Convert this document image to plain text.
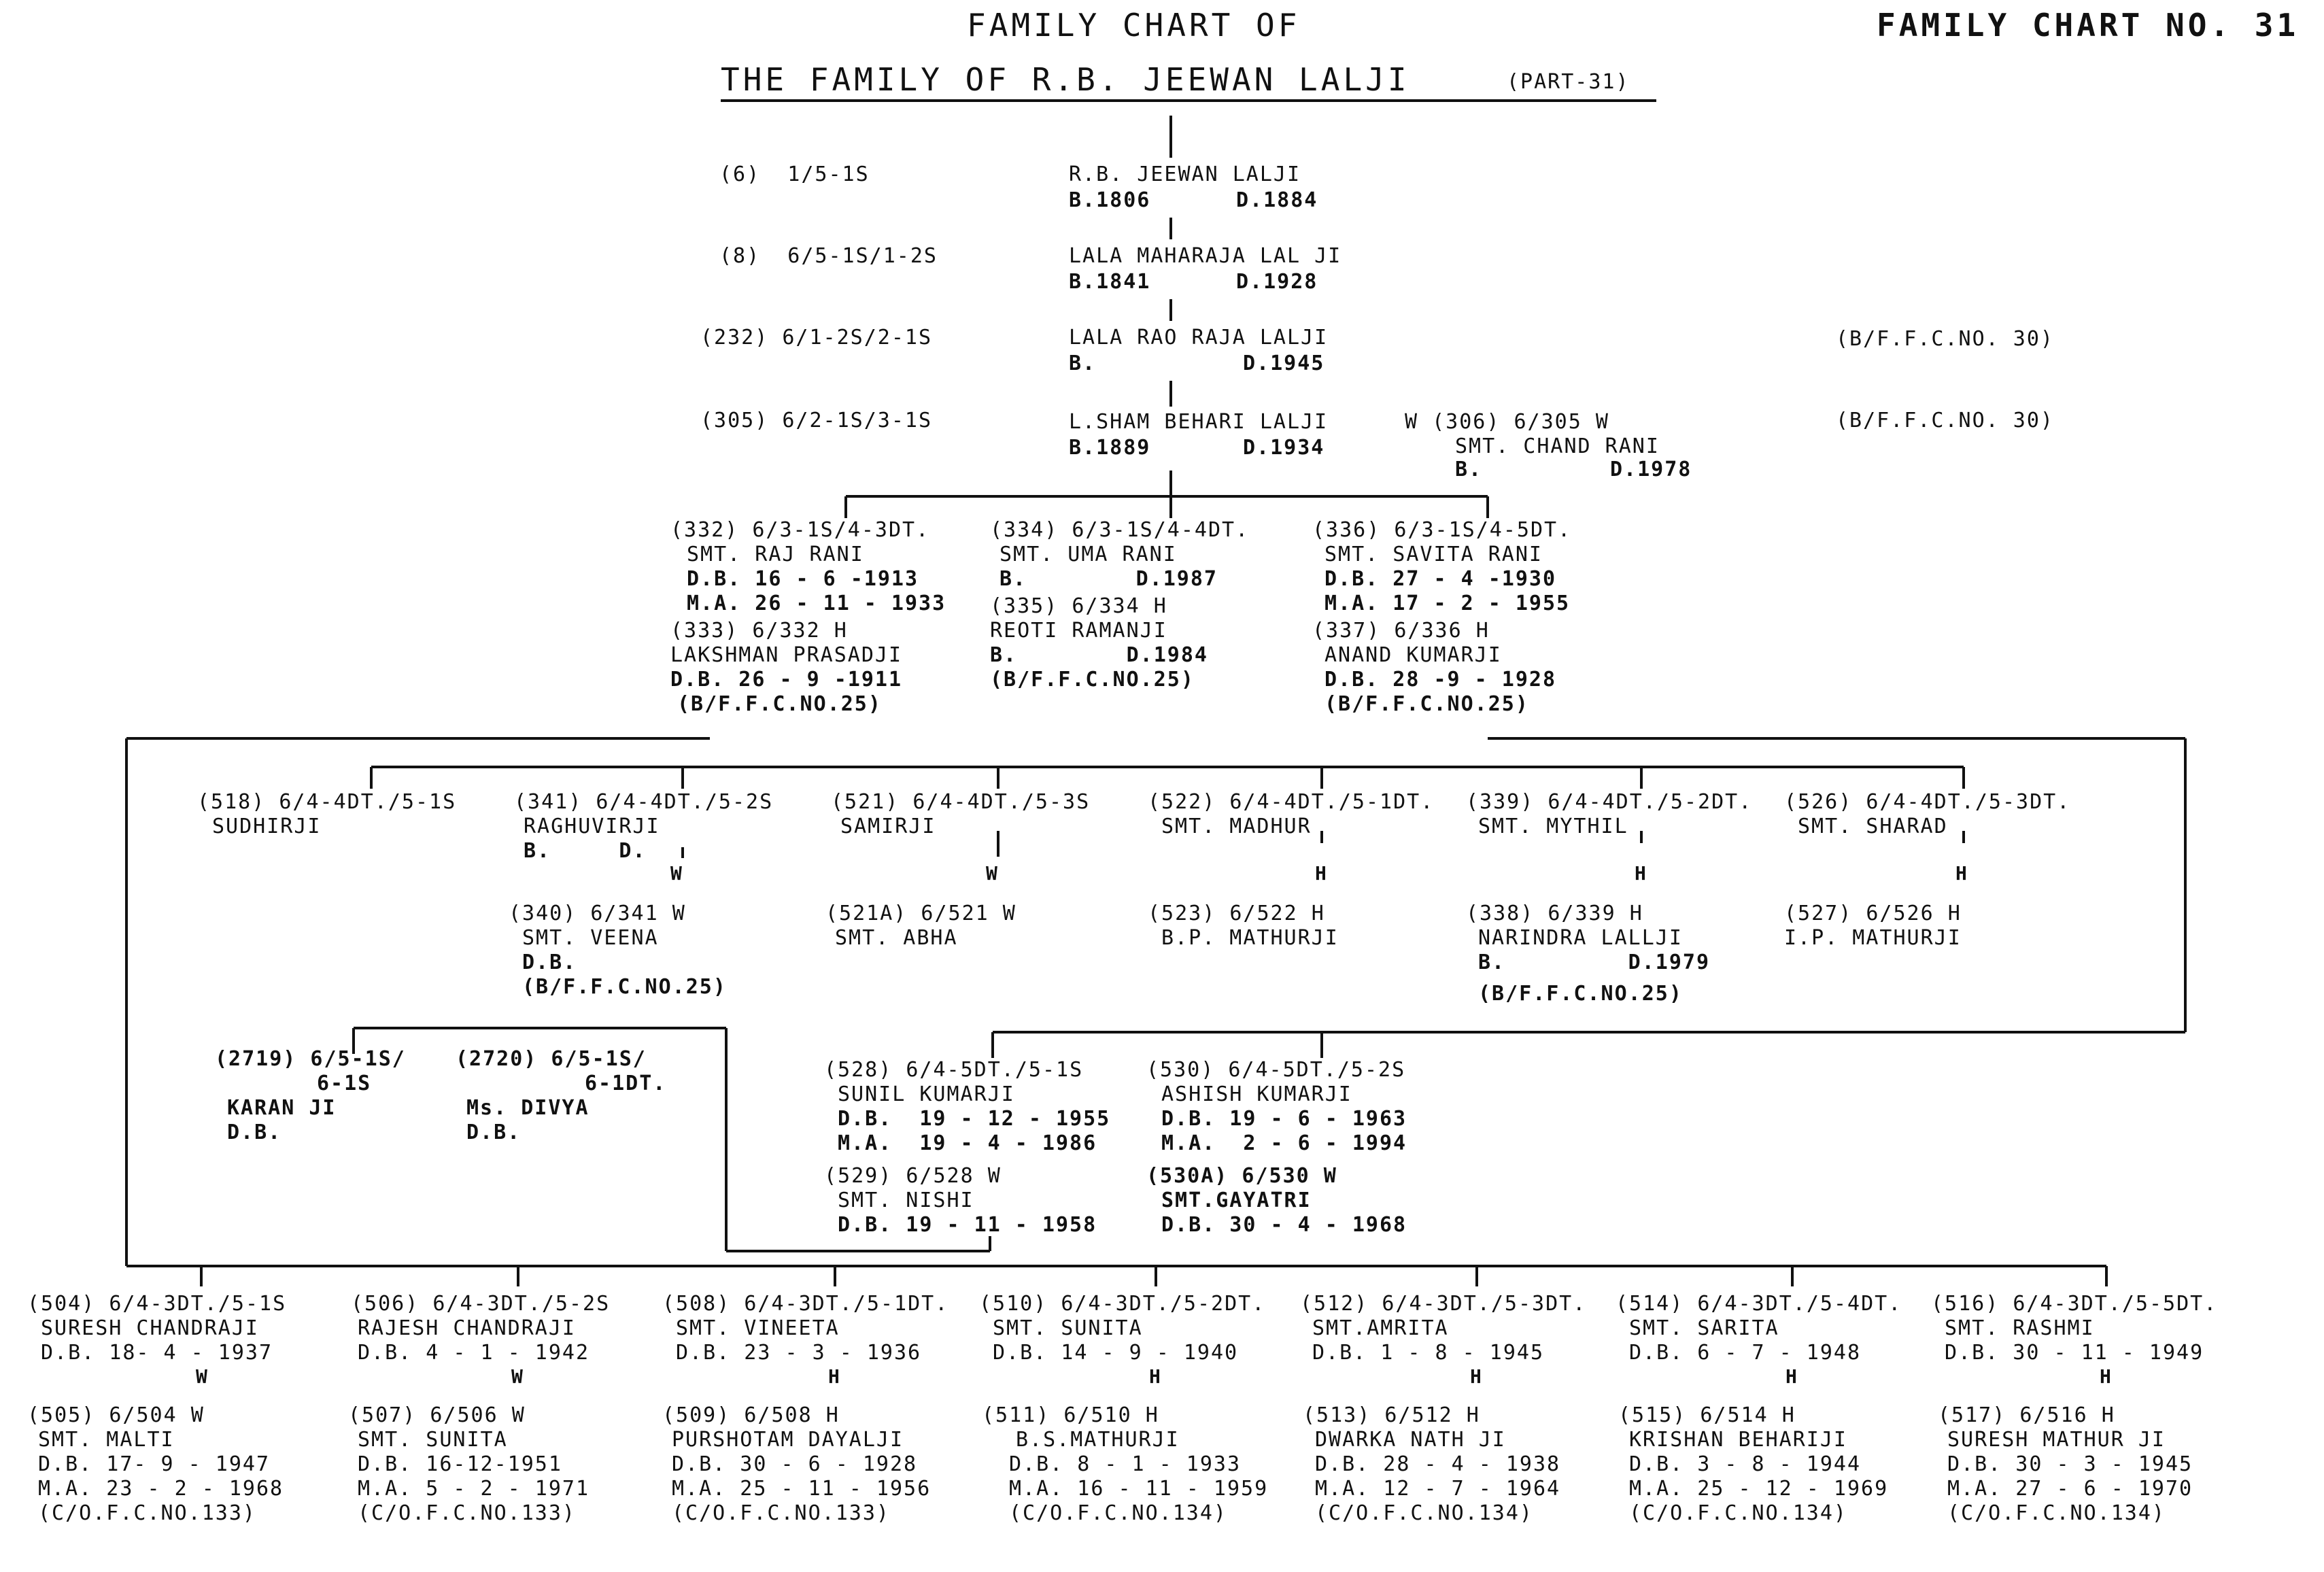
FAMILY CHART OF
THE FAMILY OF R.B. JEEWAN LALJI	(PART-31)
FAMILY CHART NO. 31
(6)  1/5-1S	R.B. JEEWAN LALJI
B.1806	D.1884
(8)  6/5-1S/1-2S	LALA MAHARAJA LAL JI
B.1841	D.1928
(232) 6/1-2S/2-1S	LALA RAO RAJA LALJI
B.	D.1945
(B/F.F.C.NO. 30)
(305) 6/2-1S/3-1S	L.SHAM BEHARI LALJI
B.1889	D.1934
(B/F.F.C.NO. 30)
W (306) 6/305 W
SMT. CHAND RANI
B.	D.1978
(332) 6/3-1S/4-3DT.
SMT. RAJ RANI
D.B. 16 - 6 -1913
M.A. 26 - 11 - 1933
(333) 6/332 H
LAKSHMAN PRASADJI
D.B. 26 - 9 -1911
(B/F.F.C.NO.25)
(334) 6/3-1S/4-4DT.
SMT. UMA RANI
B.        D.1987
(335) 6/334 H
REOTI RAMANJI
B.        D.1984
(B/F.F.C.NO.25)
(336) 6/3-1S/4-5DT.
SMT. SAVITA RANI
D.B. 27 - 4 -1930
M.A. 17 - 2 - 1955
(337) 6/336 H
ANAND KUMARJI
D.B. 28 -9 - 1928
(B/F.F.C.NO.25)
(518) 6/4-4DT./5-1S
SUDHIRJI
(341) 6/4-4DT./5-2S
RAGHUVIRJI
B.     D.
W
(340) 6/341 W
SMT. VEENA
D.B.
(B/F.F.C.NO.25)
(521) 6/4-4DT./5-3S
SAMIRJI
W
(521A) 6/521 W
SMT. ABHA
(522) 6/4-4DT./5-1DT.
SMT. MADHUR
H
(523) 6/522 H
B.P. MATHURJI
(339) 6/4-4DT./5-2DT.
SMT. MYTHIL
H
(338) 6/339 H
NARINDRA LALLJI
B.         D.1979
(B/F.F.C.NO.25)
(526) 6/4-4DT./5-3DT.
SMT. SHARAD
H
(527) 6/526 H
I.P. MATHURJI
(2719) 6/5-1S/
6-1S
KARAN JI
D.B.
(2720) 6/5-1S/
6-1DT.
Ms. DIVYA
D.B.
(528) 6/4-5DT./5-1S
SUNIL KUMARJI
D.B.  19 - 12 - 1955
M.A.  19 - 4 - 1986
(529) 6/528 W
SMT. NISHI
D.B. 19 - 11 - 1958
(530) 6/4-5DT./5-2S
ASHISH KUMARJI
D.B. 19 - 6 - 1963
M.A.  2 - 6 - 1994
(530A) 6/530 W
SMT.GAYATRI
D.B. 30 - 4 - 1968
(504) 6/4-3DT./5-1S
SURESH CHANDRAJI
D.B. 18- 4 - 1937
W
(505) 6/504 W
SMT. MALTI
D.B. 17- 9 - 1947
M.A. 23 - 2 - 1968
(C/O.F.C.NO.133)
(506) 6/4-3DT./5-2S
RAJESH CHANDRAJI
D.B. 4 - 1 - 1942
W
(507) 6/506 W
SMT. SUNITA
D.B. 16-12-1951
M.A. 5 - 2 - 1971
(C/O.F.C.NO.133)
(508) 6/4-3DT./5-1DT.
SMT. VINEETA
D.B. 23 - 3 - 1936
H
(509) 6/508 H
PURSHOTAM DAYALJI
D.B. 30 - 6 - 1928
M.A. 25 - 11 - 1956
(C/O.F.C.NO.133)
(510) 6/4-3DT./5-2DT.
SMT. SUNITA
D.B. 14 - 9 - 1940
H
(511) 6/510 H
B.S.MATHURJI
D.B. 8 - 1 - 1933
M.A. 16 - 11 - 1959
(C/O.F.C.NO.134)
(512) 6/4-3DT./5-3DT.
SMT.AMRITA
D.B. 1 - 8 - 1945
H
(513) 6/512 H
DWARKA NATH JI
D.B. 28 - 4 - 1938
M.A. 12 - 7 - 1964
(C/O.F.C.NO.134)
(514) 6/4-3DT./5-4DT.
SMT. SARITA
D.B. 6 - 7 - 1948
H
(515) 6/514 H
KRISHAN BEHARIJI
D.B. 3 - 8 - 1944
M.A. 25 - 12 - 1969
(C/O.F.C.NO.134)
(516) 6/4-3DT./5-5DT.
SMT. RASHMI
D.B. 30 - 11 - 1949
H
(517) 6/516 H
SURESH MATHUR JI
D.B. 30 - 3 - 1945
M.A. 27 - 6 - 1970
(C/O.F.C.NO.134)
